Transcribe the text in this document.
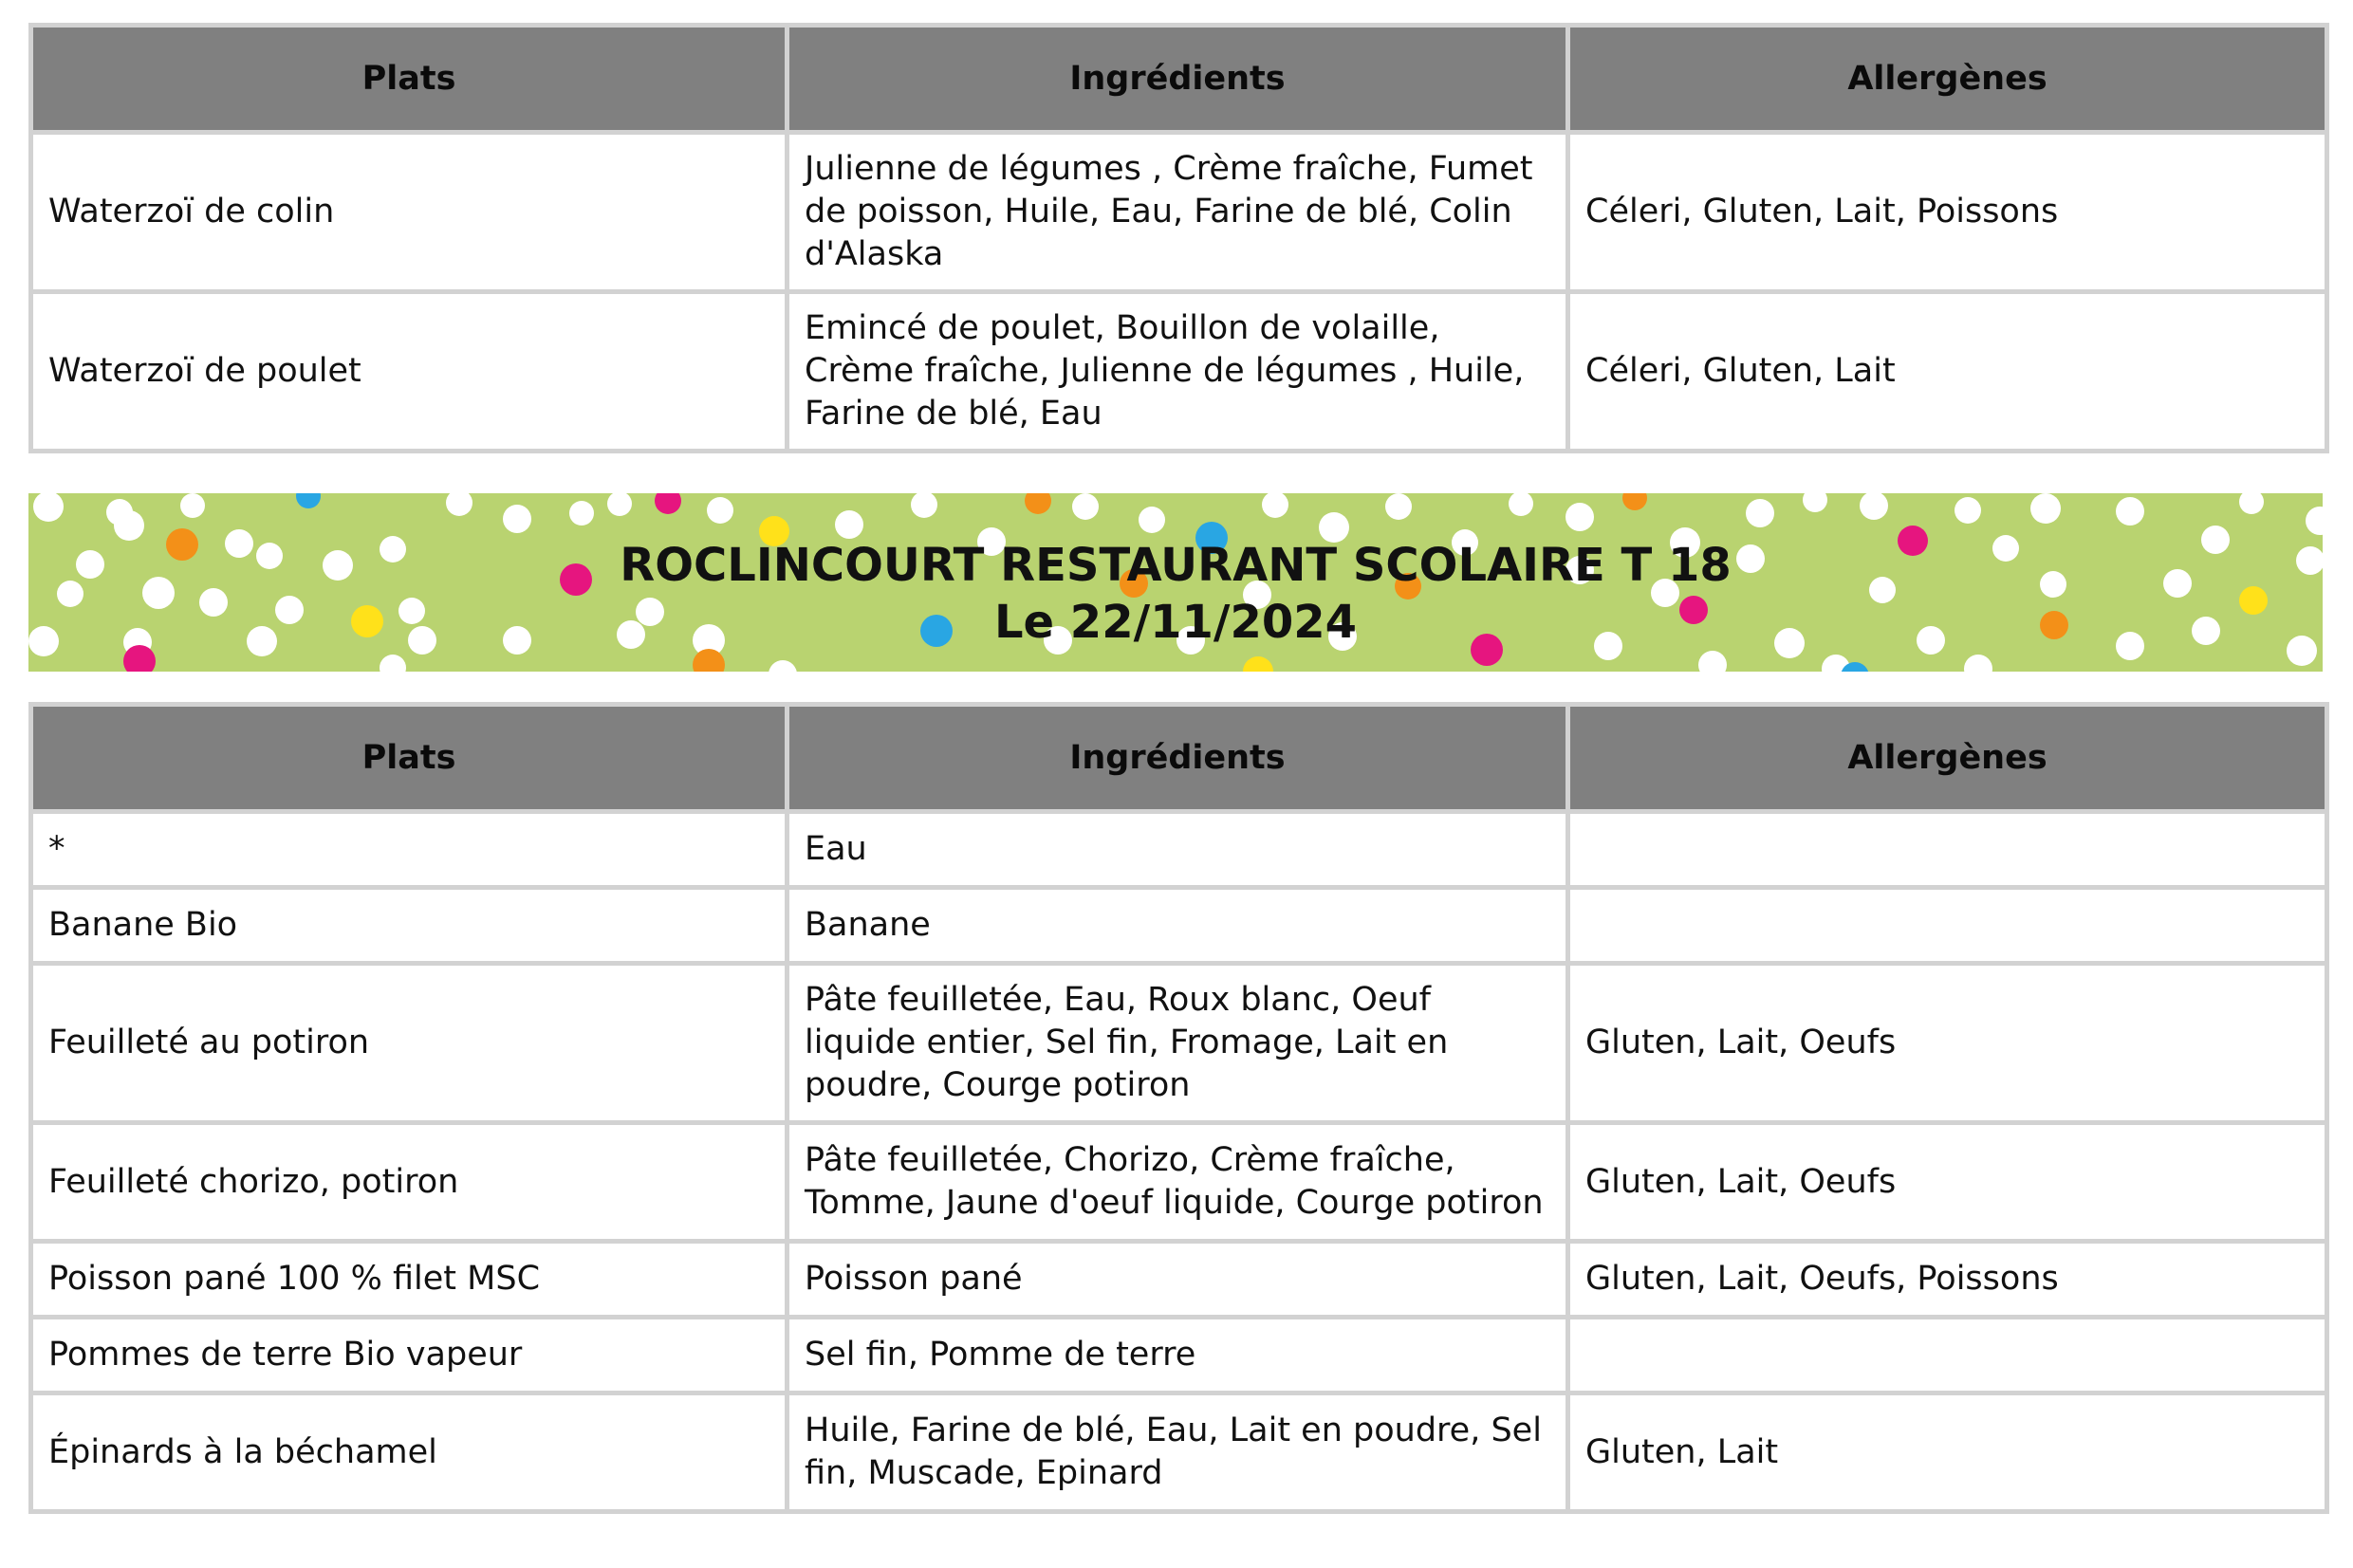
Plats	Ingrédients	Allergènes
Waterzoï de colin	Julienne de légumes , Crème fraîche, Fumet de poisson, Huile, Eau, Farine de blé, Colin d'Alaska	Céleri, Gluten, Lait, Poissons
Waterzoï de poulet	Emincé de poulet, Bouillon de volaille, Crème fraîche, Julienne de légumes , Huile, Farine de blé, Eau	Céleri, Gluten, Lait
ROCLINCOURT RESTAURANT SCOLAIRE T 18
Le 22/11/2024
Plats	Ingrédients	Allergènes
*	Eau	
Banane Bio	Banane	
Feuilleté au potiron	Pâte feuilletée, Eau, Roux blanc, Oeuf liquide entier, Sel fin, Fromage, Lait en poudre, Courge potiron	Gluten, Lait, Oeufs
Feuilleté chorizo, potiron	Pâte feuilletée, Chorizo, Crème fraîche, Tomme, Jaune d'oeuf liquide, Courge potiron	Gluten, Lait, Oeufs
Poisson pané 100 % filet MSC	Poisson pané	Gluten, Lait, Oeufs, Poissons
Pommes de terre Bio vapeur	Sel fin, Pomme de terre	
Épinards à la béchamel	Huile, Farine de blé, Eau, Lait en poudre, Sel fin, Muscade, Epinard	Gluten, Lait
